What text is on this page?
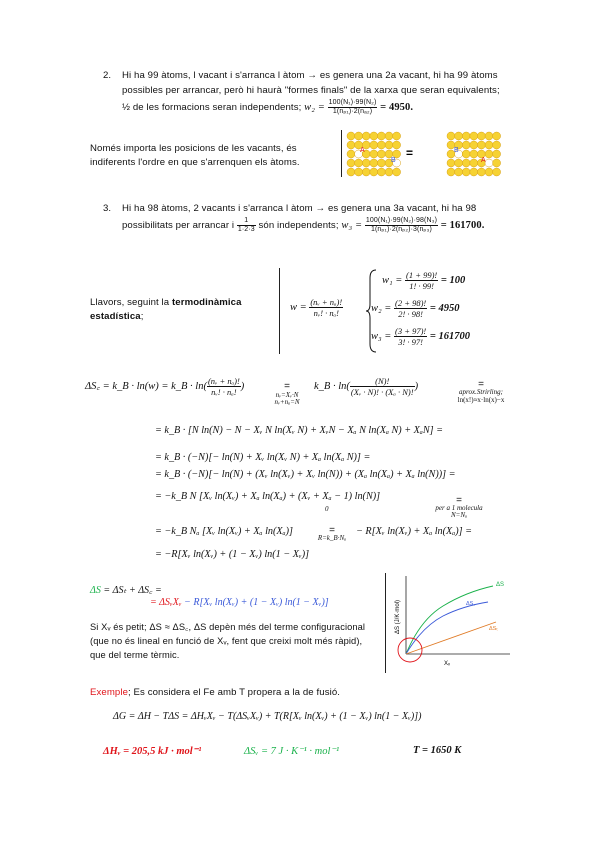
2. Hi ha 99 àtoms, l vacant i s'arranca l àtom → es genera una 2a vacant, hi ha 99 àtoms
possibles per arrancar, però hi haurà "formes finals" de la xarxa que seran equivalents;
½ de les formacions seran independents; $w_2 = \frac{\text{100(N₁)·99(N₂)}}{\text{1(nₚ₁)·2(nₐ₂)}} = 4950$.
Només importa les posicions de les vacants, és
indiferents l'ordre en que s'arrenquen els àtoms.
=
A
B
B
A
3. Hi ha 98 àtoms, 2 vacants i s'arranca l àtom → es genera una 3a vacant, hi ha 98
possibilitats per arrancar i $\frac{1}{1\cdot 2\cdot 3}$ són independents; $w_3 = \frac{\text{100(N₁)·99(N₂)·98(N₃)}}{\text{1(nₚ₁)·2(nₚ₂)·3(nₚ₃)}} = 161700$.
Llavors, seguint la termodinàmica
estadística;
$w = \frac{\text{(nᵥ + nₐ)!}}{\text{nᵥ! · nₐ!}}$
$w_1 = \frac{(1 + 99)!}{1! \cdot 99!} = 100$
$w_2 = \frac{(2 + 98)!}{2! \cdot 98!} = 4950$
$w_3 = \frac{(3 + 97)!}{3! \cdot 97!} = 161700$
ΔS꜀ = k_B · ln(w) = k_B · $\ln( \frac{\text{(nᵥ + nₐ)!}}{\text{nᵥ! · nₐ!}}$ )	=
nᵥ=Xᵥ·N
nᵥ+nₐ=N
k_B · $\ln( \frac{(N)!}{\text{(Xᵥ · N)! · (Xₐ · N)!}}$ )	=
aprox.Strirling;
ln(x!)≈x·ln(x)−x
= k_B · [N ln(N) − N − Xᵥ N ln(Xᵥ N) + XᵥN − Xₐ N ln(Xₐ N) + XₐN] =
= k_B · (−N)[− ln(N) + Xᵥ ln(Xᵥ N) + Xₐ ln(Xₐ N)] =
= k_B · (−N)[− ln(N) + (Xᵥ ln(Xᵥ) + Xᵥ ln(N)) + (Xₐ ln(Xₐ) + Xₐ ln(N))] =
= −k_B N [Xᵥ ln(Xᵥ) + Xₐ ln(Xₐ) + (Xᵥ + Xₐ − 1) ln(N)]
0
=
per a 1 molecula
N=Nₐ
= −k_B Nₐ [Xᵥ ln(Xᵥ) + Xₐ ln(Xₐ)]	=
R=k_B·Nₐ
− R[Xᵥ ln(Xᵥ) + Xₐ ln(Xₐ)] =
= −R[Xᵥ ln(Xᵥ) + (1 − Xᵥ) ln(1 − Xᵥ)]
ΔS = ΔSₜ + ΔS꜀ =
= ΔSᵥXᵥ − R[Xᵥ ln(Xᵥ) + (1 − Xᵥ) ln(1 − Xᵥ)]
Si Xᵥ és petit; ΔS ≈ ΔS꜀, ΔS depèn més del terme configuracional
(que no és lineal en funció de Xᵥ, fent que creixi molt més ràpid),
que del terme tèrmic.
ΔS (J/K·mol)
Xᵥ
ΔS
ΔS꜀
ΔSₜ
Exemple; Es considera el Fe amb T propera a la de fusió.
ΔG = ΔH − TΔS = ΔHᵥXᵥ − T(ΔSᵥXᵥ) + T(R[Xᵥ ln(Xᵥ) + (1 − Xᵥ) ln(1 − Xᵥ)])
ΔHᵥ = 205,5 kJ · mol⁻¹	ΔSᵥ = 7 J · K⁻¹ · mol⁻¹	T = 1650 K
